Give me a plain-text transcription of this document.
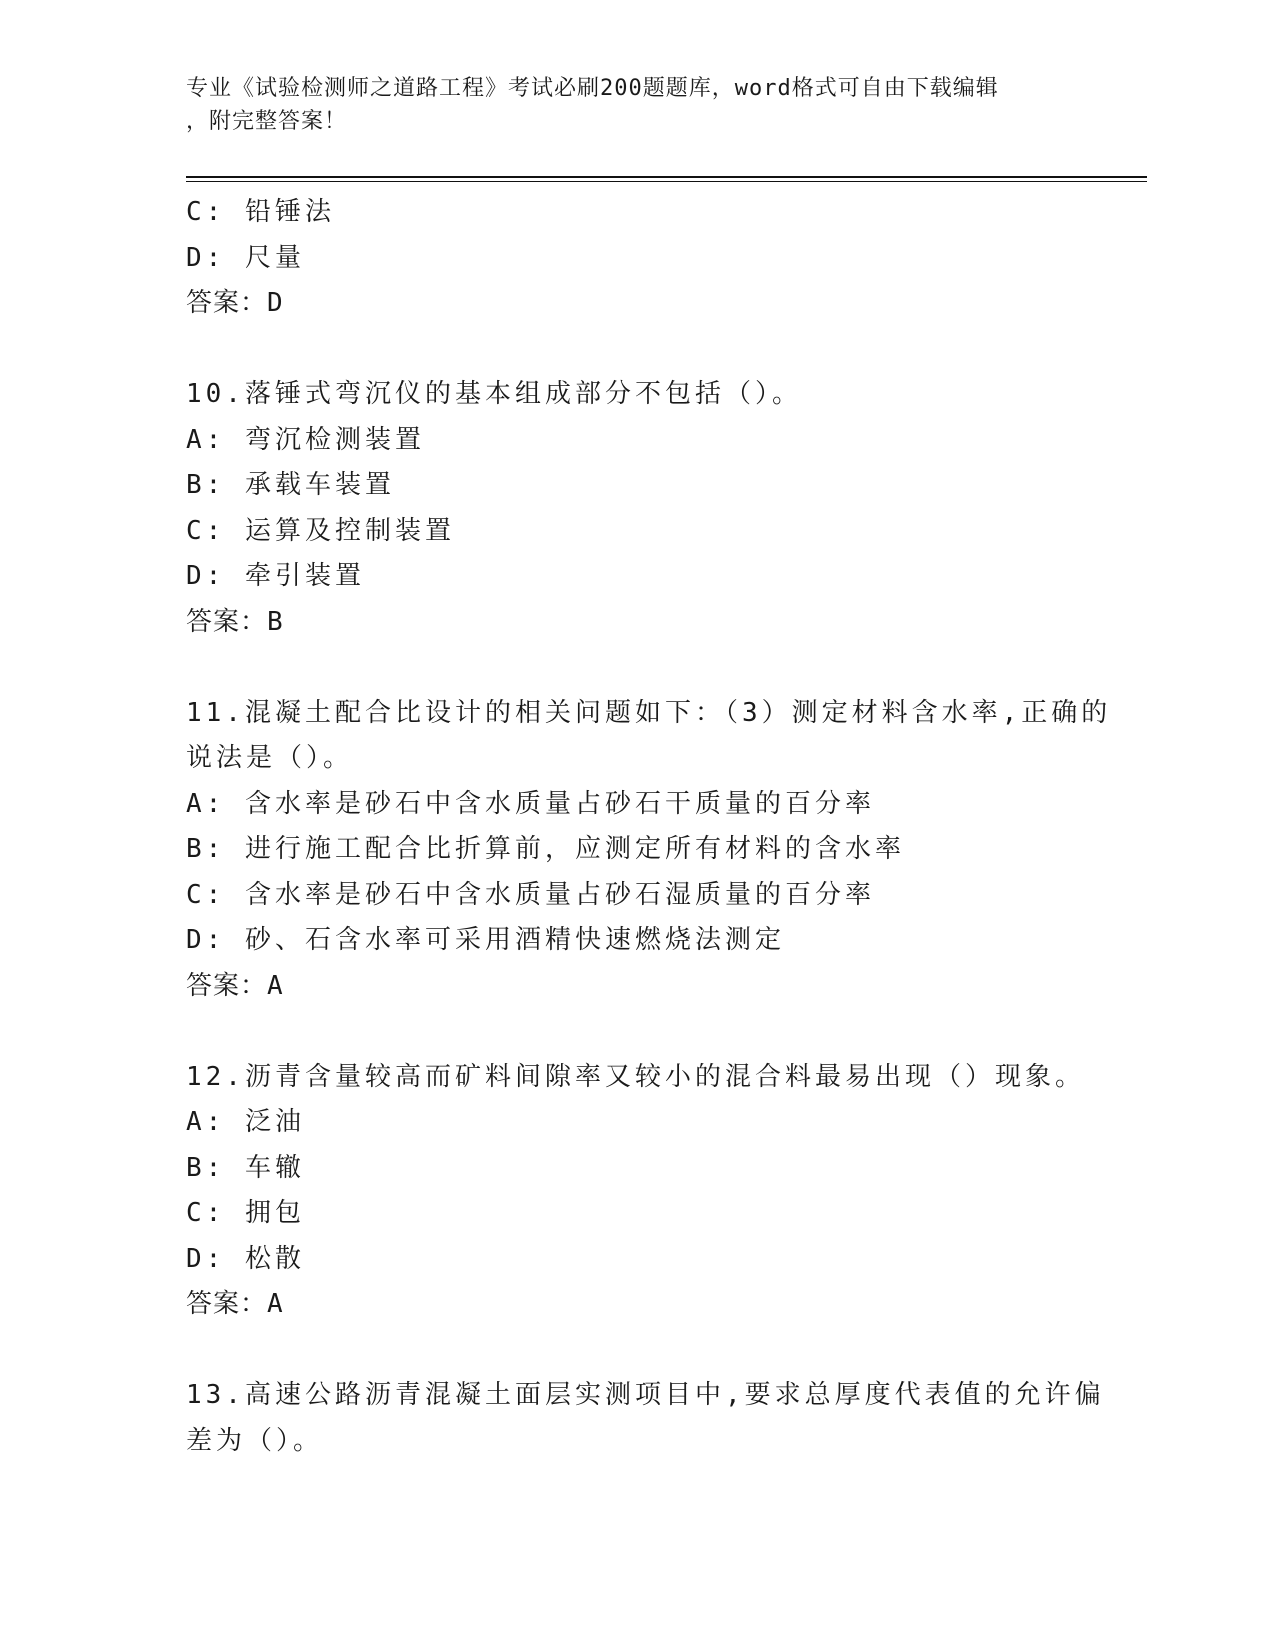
专业《试验检测师之道路工程》考试必刷200题题库，word格式可自由下载编辑
，附完整答案！
C: 铅锤法
D: 尺量
答案：D
10.落锤式弯沉仪的基本组成部分不包括（）。
A: 弯沉检测装置
B: 承载车装置
C: 运算及控制装置
D: 牵引装置
答案：B
11.混凝土配合比设计的相关问题如下：（3）测定材料含水率,正确的
说法是（）。
A: 含水率是砂石中含水质量占砂石干质量的百分率
B: 进行施工配合比折算前，应测定所有材料的含水率
C: 含水率是砂石中含水质量占砂石湿质量的百分率
D: 砂、石含水率可采用酒精快速燃烧法测定
答案：A
12.沥青含量较高而矿料间隙率又较小的混合料最易出现（）现象。
A: 泛油
B: 车辙
C: 拥包
D: 松散
答案：A
13.高速公路沥青混凝土面层实测项目中,要求总厚度代表值的允许偏
差为（）。
